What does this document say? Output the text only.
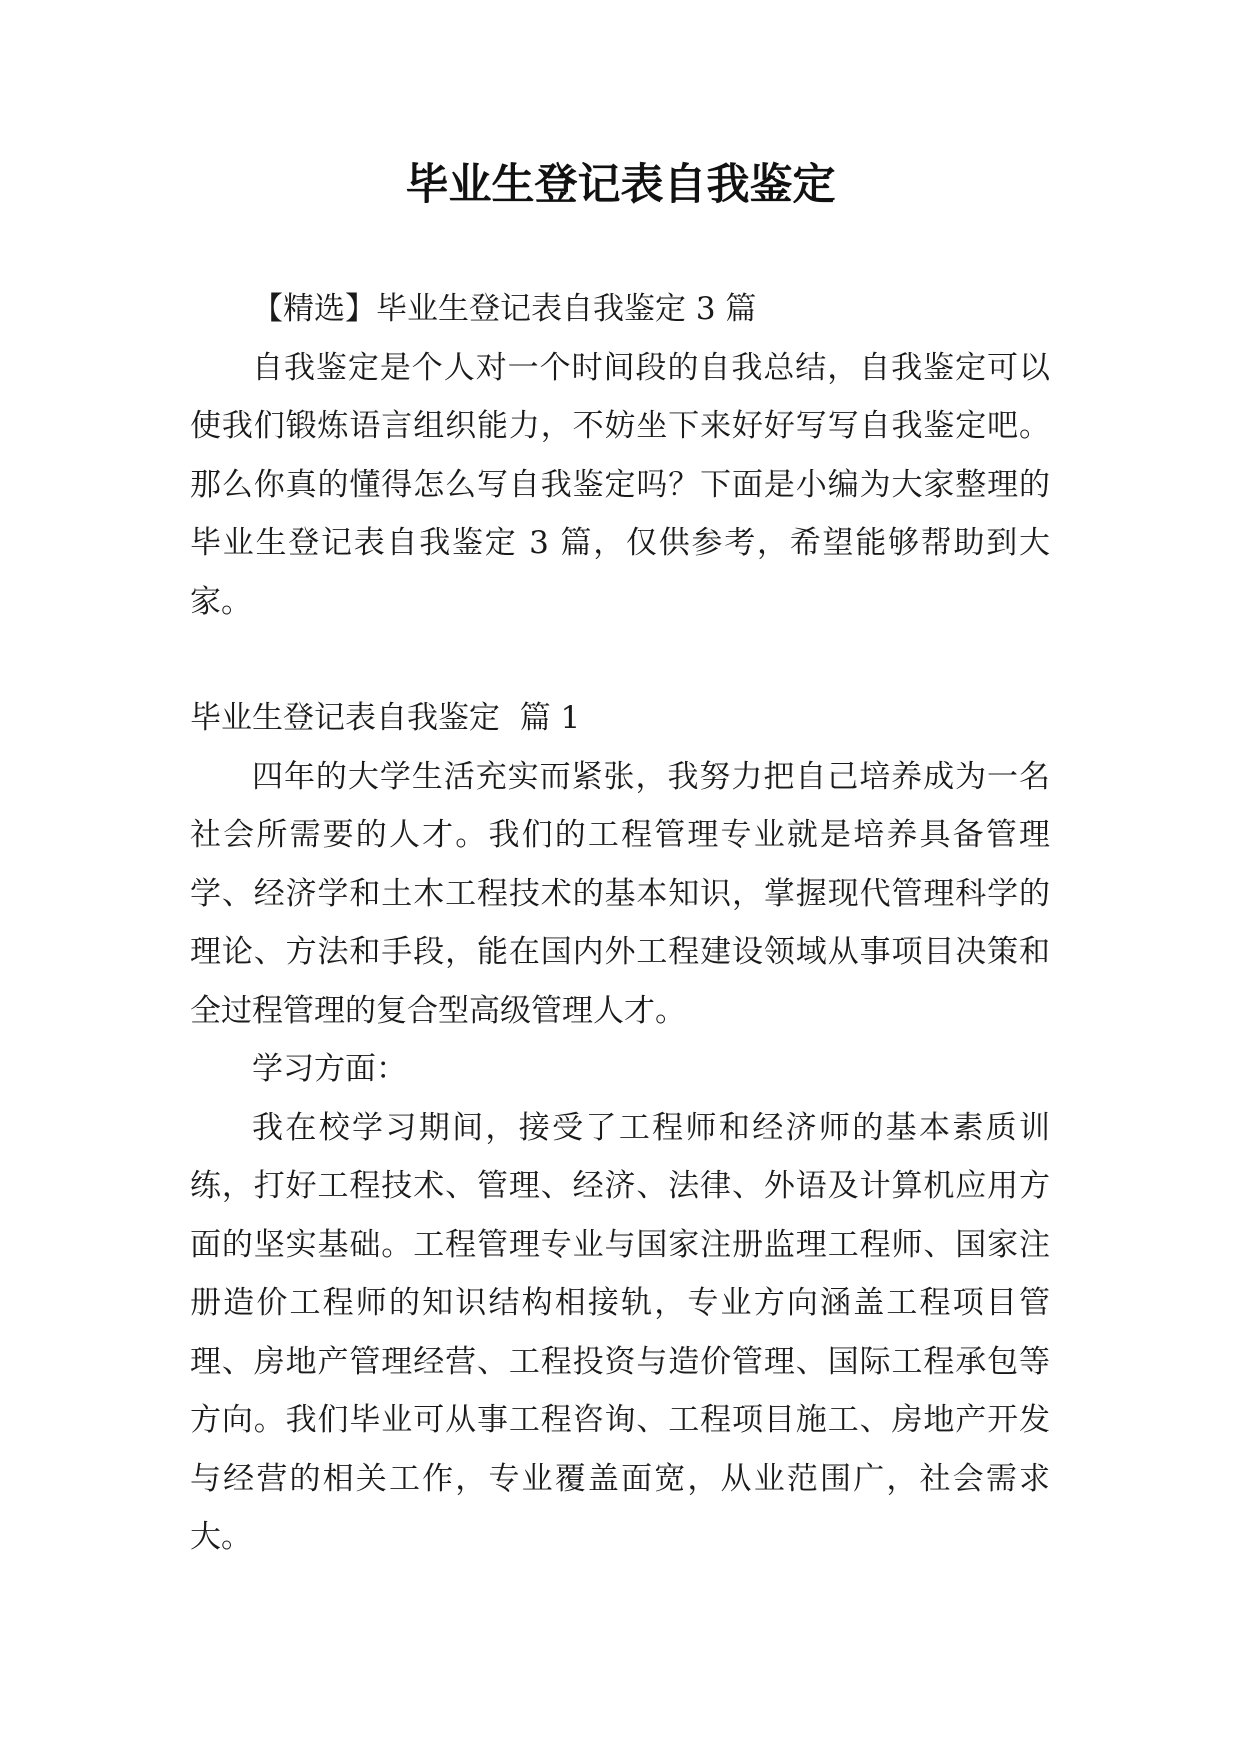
毕业生登记表自我鉴定

【精选】毕业生登记表自我鉴定 3 篇

自我鉴定是个人对一个时间段的自我总结，自我鉴定可以使我们锻炼语言组织能力，不妨坐下来好好写写自我鉴定吧。那么你真的懂得怎么写自我鉴定吗？下面是小编为大家整理的毕业生登记表自我鉴定 3 篇，仅供参考，希望能够帮助到大家。

毕业生登记表自我鉴定  篇 1

四年的大学生活充实而紧张，我努力把自己培养成为一名社会所需要的人才。我们的工程管理专业就是培养具备管理学、经济学和土木工程技术的基本知识，掌握现代管理科学的理论、方法和手段，能在国内外工程建设领域从事项目决策和全过程管理的复合型高级管理人才。

学习方面：

我在校学习期间，接受了工程师和经济师的基本素质训练，打好工程技术、管理、经济、法律、外语及计算机应用方面的坚实基础。工程管理专业与国家注册监理工程师、国家注册造价工程师的知识结构相接轨，专业方向涵盖工程项目管理、房地产管理经营、工程投资与造价管理、国际工程承包等方向。我们毕业可从事工程咨询、工程项目施工、房地产开发与经营的相关工作，专业覆盖面宽，从业范围广，社会需求大。
